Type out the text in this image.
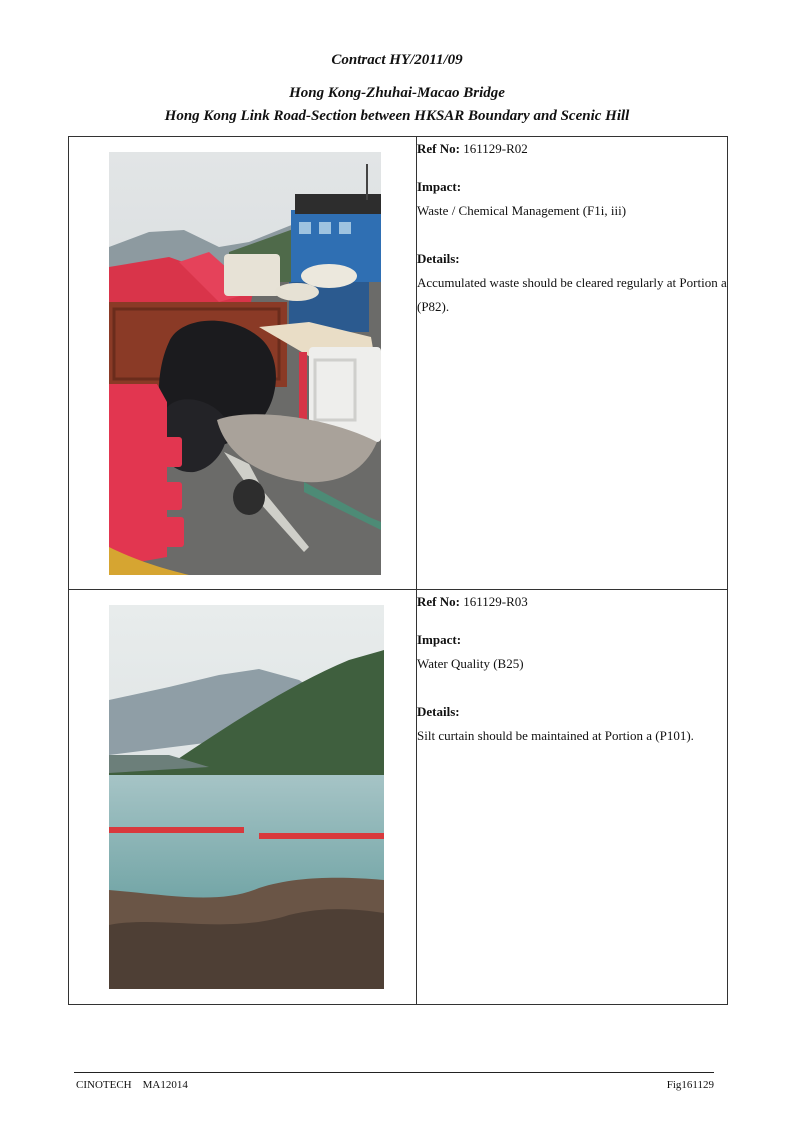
Contract HY/2011/09
Hong Kong-Zhuhai-Macao Bridge
Hong Kong Link Road-Section between HKSAR Boundary and Scenic Hill

Ref No: 161129-R02
Impact:
Waste / Chemical Management (F1i, iii)
Details:
Accumulated waste should be cleared regularly at Portion a (P82).

Ref No: 161129-R03
Impact:
Water Quality (B25)
Details:
Silt curtain should be maintained at Portion a (P101).
CINOTECH MA12014	Fig161129
